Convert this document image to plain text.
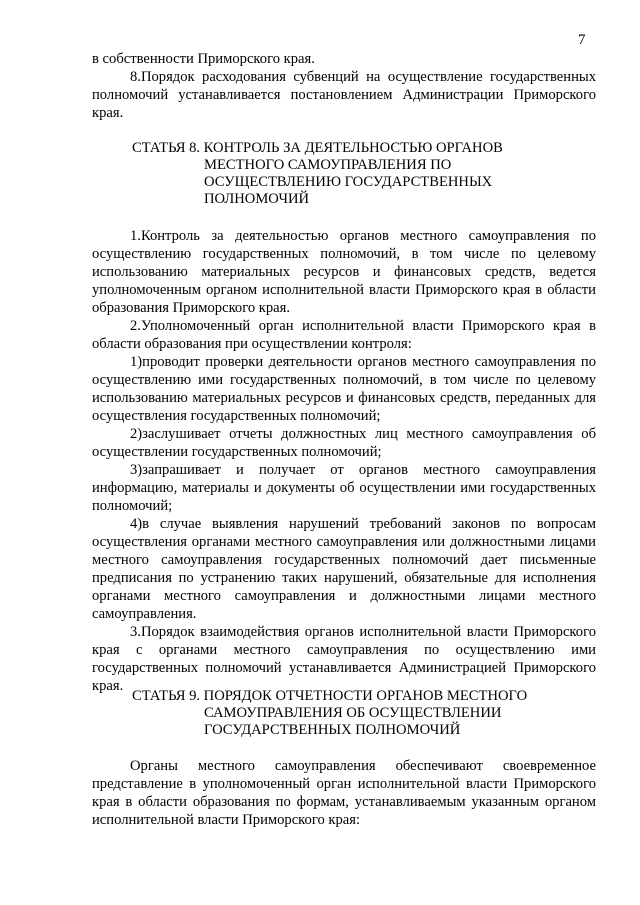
7

в собственности Приморского края.

8.Порядок расходования субвенций на осуществление государственных полномочий устанавливается постановлением Администрации Приморского края.

СТАТЬЯ 8. КОНТРОЛЬ ЗА ДЕЯТЕЛЬНОСТЬЮ ОРГАНОВ

МЕСТНОГО САМОУПРАВЛЕНИЯ ПО

ОСУЩЕСТВЛЕНИЮ ГОСУДАРСТВЕННЫХ

ПОЛНОМОЧИЙ

1.Контроль за деятельностью органов местного самоуправления по осуществлению государственных полномочий, в том числе по целевому использованию материальных ресурсов и финансовых средств, ведется уполномоченным органом исполнительной власти Приморского края в области образования Приморского края.

2.Уполномоченный орган исполнительной власти Приморского края в области образования при осуществлении контроля:

1)проводит проверки деятельности органов местного самоуправления по осуществлению ими государственных полномочий, в том числе по целевому использованию материальных ресурсов и финансовых средств, переданных для осуществления государственных полномочий;

2)заслушивает отчеты должностных лиц местного самоуправления об осуществлении государственных полномочий;

3)запрашивает и получает от органов местного самоуправления информацию, материалы и документы об осуществлении ими государственных полномочий;

4)в случае выявления нарушений требований законов по вопросам осуществления органами местного самоуправления или должностными лицами местного самоуправления государственных полномочий дает письменные предписания по устранению таких нарушений, обязательные для исполнения органами местного самоуправления и должностными лицами местного самоуправления.

3.Порядок взаимодействия органов исполнительной власти Приморского края с органами местного самоуправления по осуществлению ими государственных полномочий устанавливается Администрацией Приморского края.

СТАТЬЯ 9. ПОРЯДОК ОТЧЕТНОСТИ ОРГАНОВ МЕСТНОГО

САМОУПРАВЛЕНИЯ ОБ ОСУЩЕСТВЛЕНИИ

ГОСУДАРСТВЕННЫХ ПОЛНОМОЧИЙ

Органы местного самоуправления обеспечивают своевременное представление в уполномоченный орган исполнительной власти Приморского края в области образования по формам, устанавливаемым указанным органом исполнительной власти Приморского края:
